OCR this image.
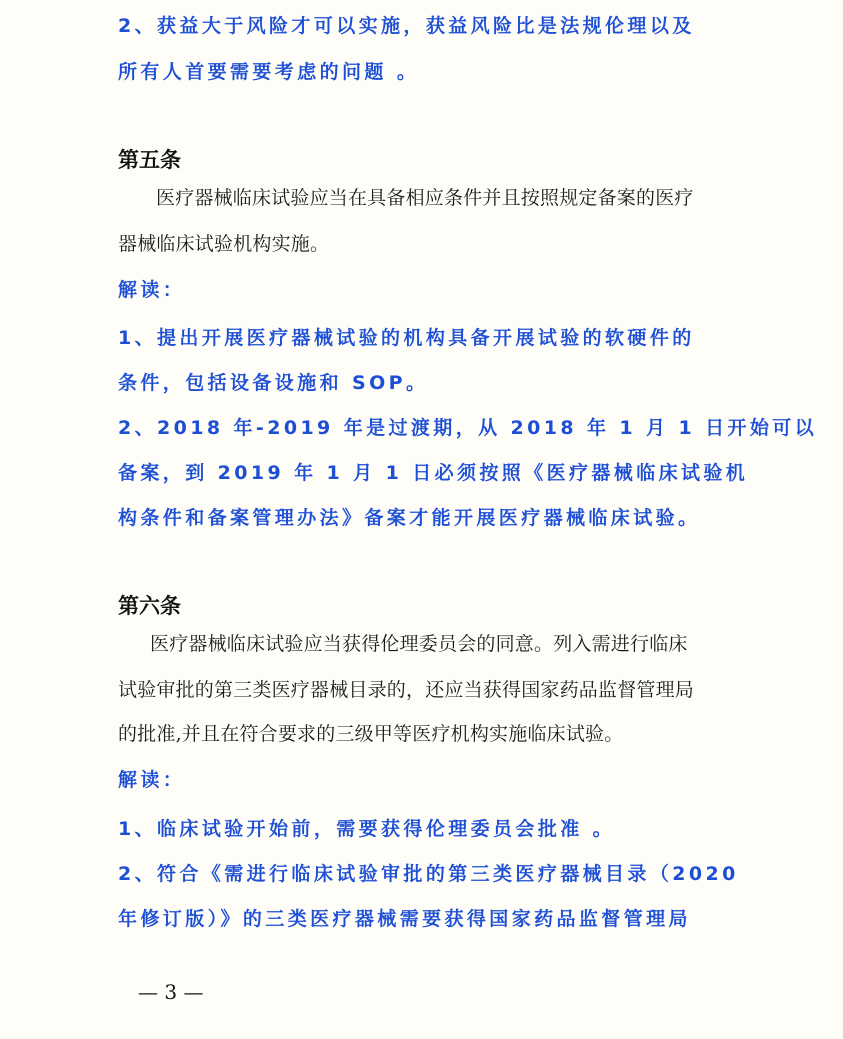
2、获益大于风险才可以实施，获益风险比是法规伦理以及
所有人首要需要考虑的问题 。
第五条
医疗器械临床试验应当在具备相应条件并且按照规定备案的医疗
器械临床试验机构实施。
解读：
1、提出开展医疗器械试验的机构具备开展试验的软硬件的
条件，包括设备设施和 SOP。
2、2018 年-2019 年是过渡期，从 2018 年 1 月 1 日开始可以
备案，到 2019 年 1 月 1 日必须按照《医疗器械临床试验机
构条件和备案管理办法》备案才能开展医疗器械临床试验。
第六条
医疗器械临床试验应当获得伦理委员会的同意。列入需进行临床
试验审批的第三类医疗器械目录的，还应当获得国家药品监督管理局
的批准,并且在符合要求的三级甲等医疗机构实施临床试验。
解读：
1、临床试验开始前，需要获得伦理委员会批准 。
2、符合《需进行临床试验审批的第三类医疗器械目录（2020
年修订版）》的三类医疗器械需要获得国家药品监督管理局
— 3 —
